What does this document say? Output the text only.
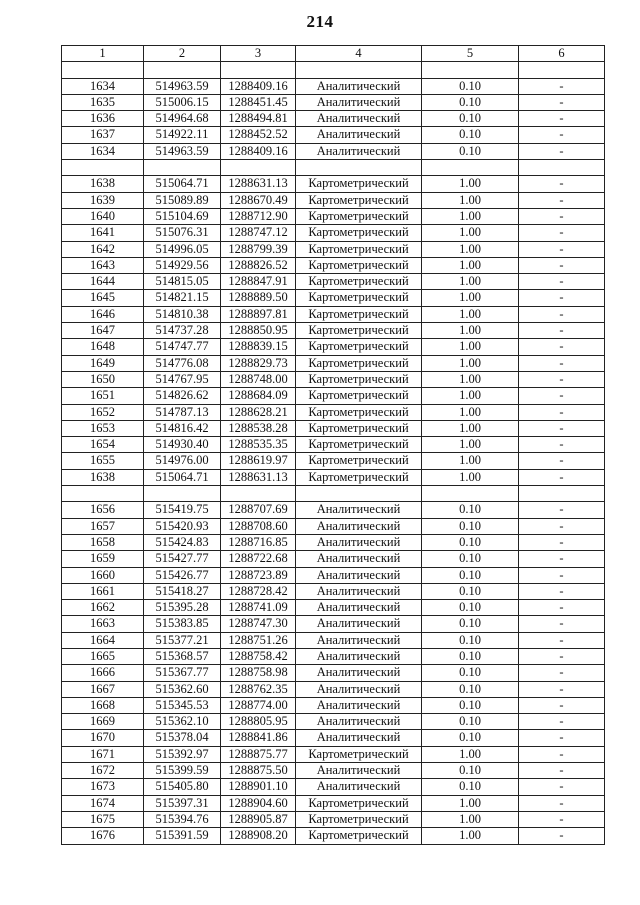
214
1	2	3	4	5	6

1634	514963.59	1288409.16	Аналитический	0.10	-
1635	515006.15	1288451.45	Аналитический	0.10	-
1636	514964.68	1288494.81	Аналитический	0.10	-
1637	514922.11	1288452.52	Аналитический	0.10	-
1634	514963.59	1288409.16	Аналитический	0.10	-

1638	515064.71	1288631.13	Картометрический	1.00	-
1639	515089.89	1288670.49	Картометрический	1.00	-
1640	515104.69	1288712.90	Картометрический	1.00	-
1641	515076.31	1288747.12	Картометрический	1.00	-
1642	514996.05	1288799.39	Картометрический	1.00	-
1643	514929.56	1288826.52	Картометрический	1.00	-
1644	514815.05	1288847.91	Картометрический	1.00	-
1645	514821.15	1288889.50	Картометрический	1.00	-
1646	514810.38	1288897.81	Картометрический	1.00	-
1647	514737.28	1288850.95	Картометрический	1.00	-
1648	514747.77	1288839.15	Картометрический	1.00	-
1649	514776.08	1288829.73	Картометрический	1.00	-
1650	514767.95	1288748.00	Картометрический	1.00	-
1651	514826.62	1288684.09	Картометрический	1.00	-
1652	514787.13	1288628.21	Картометрический	1.00	-
1653	514816.42	1288538.28	Картометрический	1.00	-
1654	514930.40	1288535.35	Картометрический	1.00	-
1655	514976.00	1288619.97	Картометрический	1.00	-
1638	515064.71	1288631.13	Картометрический	1.00	-

1656	515419.75	1288707.69	Аналитический	0.10	-
1657	515420.93	1288708.60	Аналитический	0.10	-
1658	515424.83	1288716.85	Аналитический	0.10	-
1659	515427.77	1288722.68	Аналитический	0.10	-
1660	515426.77	1288723.89	Аналитический	0.10	-
1661	515418.27	1288728.42	Аналитический	0.10	-
1662	515395.28	1288741.09	Аналитический	0.10	-
1663	515383.85	1288747.30	Аналитический	0.10	-
1664	515377.21	1288751.26	Аналитический	0.10	-
1665	515368.57	1288758.42	Аналитический	0.10	-
1666	515367.77	1288758.98	Аналитический	0.10	-
1667	515362.60	1288762.35	Аналитический	0.10	-
1668	515345.53	1288774.00	Аналитический	0.10	-
1669	515362.10	1288805.95	Аналитический	0.10	-
1670	515378.04	1288841.86	Аналитический	0.10	-
1671	515392.97	1288875.77	Картометрический	1.00	-
1672	515399.59	1288875.50	Аналитический	0.10	-
1673	515405.80	1288901.10	Аналитический	0.10	-
1674	515397.31	1288904.60	Картометрический	1.00	-
1675	515394.76	1288905.87	Картометрический	1.00	-
1676	515391.59	1288908.20	Картометрический	1.00	-
